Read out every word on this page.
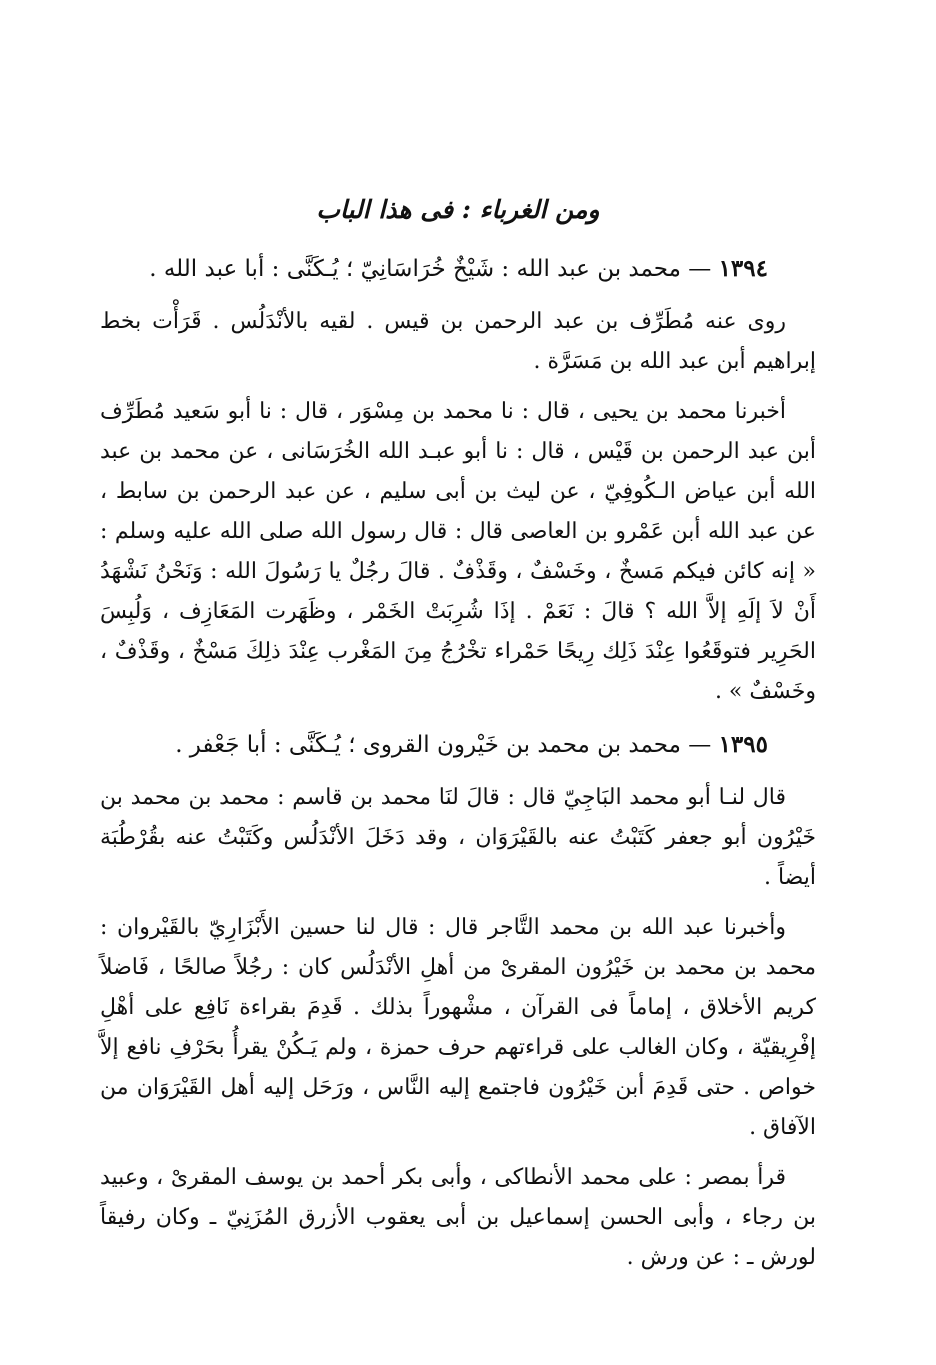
ومن الغرباء : فى هذا الباب
١٣٩٤ — محمد بن عبد الله : شَيْخٌ خُرَاسَانِيّ ؛ يُـكَنَّى : أبا عبد الله .

روى عنه مُطَرِّف بن عبد الرحمن بن قيس . لقيه بالأنْدَلُس . قَرَأْت بخط إبراهيم أبن عبد الله بن مَسَرَّة .

أخبرنا محمد بن يحيى ، قال : نا محمد بن مِسْوَر ، قال : نا أبو سَعيد مُطَرِّف أبن عبد الرحمن بن قَيْس ، قال : نا أبو عبـد الله الخُرَسَانى ، عن محمد بن عبد الله أبن عياض الـكُوفِيّ ، عن ليث بن أبى سليم ، عن عبد الرحمن بن سابط ، عن عبد الله أبن عَمْرو بن العاصى قال : قال رسول الله صلى الله عليه وسلم : « إنه كائن فيكم مَسخٌ ، وخَسْفٌ ، وقَذْفٌ . قالَ رجُلٌ يا رَسُولَ الله : وَنَحْنُ نَشْهَدُ أَنْ لاَ إلَهِ إلاَّ الله ؟ قالَ : نَعَمْ . إذَا شُرِبَتْ الخَمْر ، وظَهَرت المَعَازِف ، وَلُبِسَ الحَرِير فتوقَعُوا عِنْدَ ذَلِك رِيحًا حَمْراء تخْرُجُ مِنَ المَغْرب عِنْدَ ذلِكَ مَسْخٌ ، وقَذْفٌ ، وخَسْفٌ » .

١٣٩٥ — محمد بن محمد بن خَيْرون القروى ؛ يُـكَنَّى : أبا جَعْفر .

قال لنـا أبو محمد البَاجِيّ قال : قالَ لنَا محمد بن قاسم : محمد بن محمد بن خَيْرُون أبو جعفر كَتَبْتُ عنه بالقَيْرَوَان ، وقد دَخَلَ الأنْدَلُس وكَتَبْتُ عنه بقُرْطُبَة أيضاً .

وأخبرنا عبد الله بن محمد التَّاجر قال : قال لنا حسين الأَبْزَارِيّ بالقَيْروان : محمد بن محمد بن خَيْرُون المقرىْ من أهلِ الأنْدَلُس كان : رجُلاً صالحًا ، فَاضلاً كريم الأخلاق ، إماماً فى القرآن ، مشْهوراً بذلك . قَدِمَ بقراءة نَافِع على أهْلِ إفْرِيقيّة ، وكان الغالب على قراءتهم حرف حمزة ، ولم يَـكُنْ يقرأُ بحَرْفِ نافع إلاَّ خواص . حتى قَدِمَ أبن خَيْرُون فاجتمع إليه النَّاس ، ورَحَل إليه أهل القَيْرَوَان من الآفاق .

قرأ بمصر : على محمد الأنطاكى ، وأبى بكر أحمد بن يوسف المقرىْ ، وعبيد بن رجاء ، وأبى الحسن إسماعيل بن أبى يعقوب الأزرق المُزَنِيّ ـ وكان رفيقاً لورش ـ : عن ورش .
